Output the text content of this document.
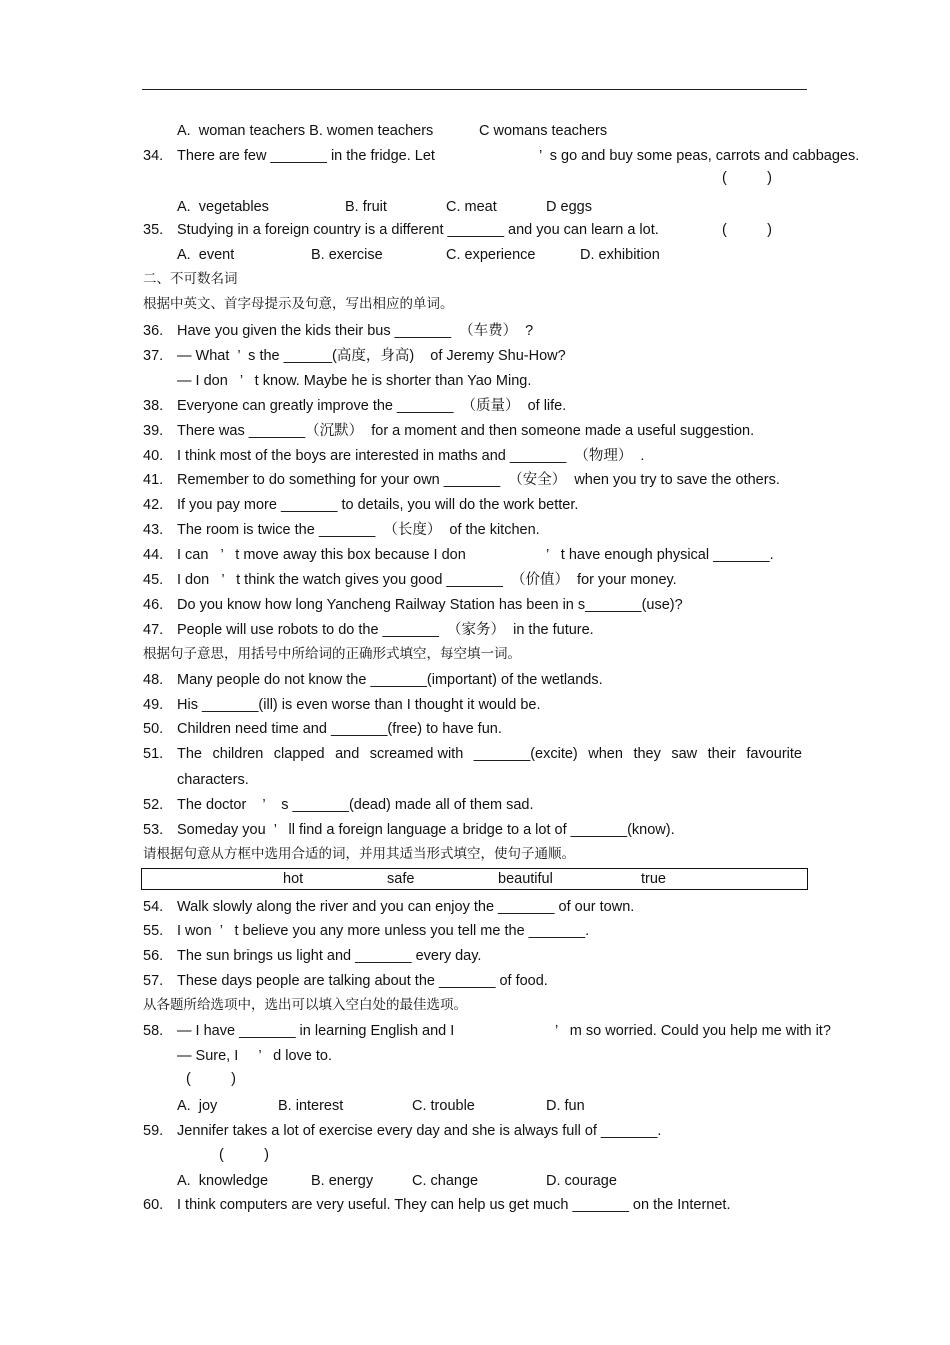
A.  woman teachers B. women teachers	C womans teachers
34. There are few _______ in the fridge. Let	’  s go and buy some peas, carrots and cabbages.
(          )
A.  vegetables	B. fruit	C. meat	D eggs
35. Studying in a foreign country is a different _______ and you can learn a lot.	(          )
A.  event	B. exercise	C. experience	D. exhibition
二、不可数名词
根据中英文、首字母提示及句意，写出相应的单词。
36. Have you given the kids their bus _______  （车费）  ?
37. — What  ’  s the ______(高度，身高)    of Jeremy Shu-How?
— I don   ’   t know. Maybe he is shorter than Yao Ming.
38. Everyone can greatly improve the _______  （质量）  of life.
39. There was _______（沉默）  for a moment and then someone made a useful suggestion.
40. I think most of the boys are interested in maths and _______  （物理）  .
41. Remember to do something for your own _______  （安全）  when you try to save the others.
42. If you pay more _______ to details, you will do the work better.
43. The room is twice the _______  （长度）  of the kitchen.
44. I can   ’   t move away this box because I don	’   t have enough physical _______.
45. I don   ’   t think the watch gives you good _______  （价值）  for your money.
46. Do you know how long Yancheng Railway Station has been in s_______(use)?
47. People will use robots to do the _______  （家务）  in the future.
根据句子意思，用括号中所给词的正确形式填空，每空填一词。
48. Many people do not know the _______(important) of the wetlands.
49. His _______(ill) is even worse than I thought it would be.
50. Children need time and _______(free) to have fun.
51. The children clapped and screamed with _______(excite) when they saw their favourite
characters.
52. The doctor    ’    s _______(dead) made all of them sad.
53. Someday you  ’   ll find a foreign language a bridge to a lot of _______(know).
请根据句意从方框中选用合适的词，并用其适当形式填空，使句子通顺。
hot	safe	beautiful	true
54. Walk slowly along the river and you can enjoy the _______ of our town.
55. I won  ’   t believe you any more unless you tell me the _______.
56. The sun brings us light and _______ every day.
57. These days people are talking about the _______ of food.
从各题所给选项中，选出可以填入空白处的最佳选项。
58. — I have _______ in learning English and I	’   m so worried. Could you help me with it?
— Sure, I     ’   d love to.
(          )
A.  joy	B. interest	C. trouble	D. fun
59. Jennifer takes a lot of exercise every day and she is always full of _______.
(          )
A.  knowledge	B. energy	C. change	D. courage
60. I think computers are very useful. They can help us get much _______ on the Internet.
